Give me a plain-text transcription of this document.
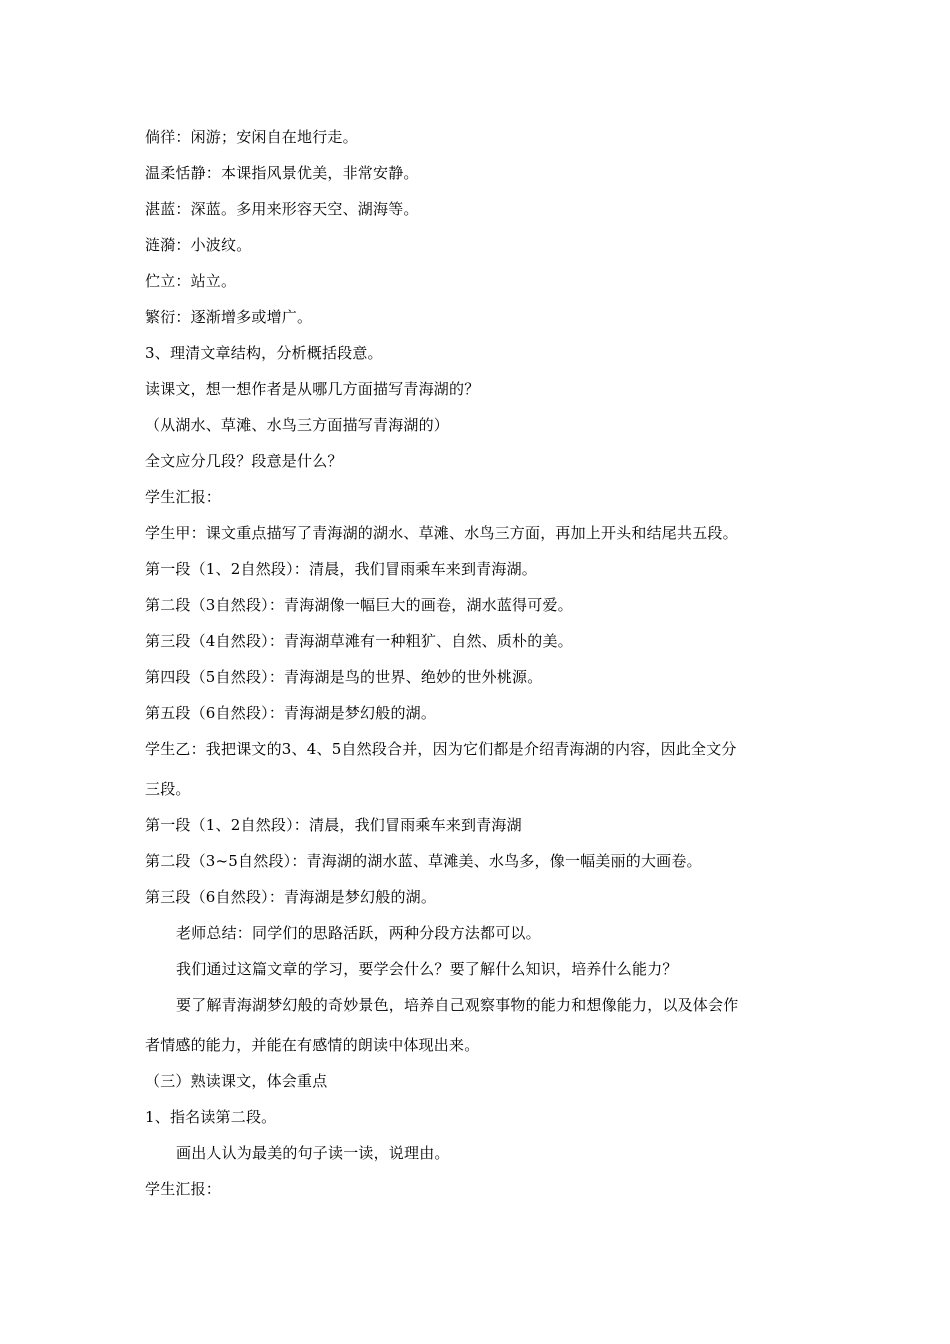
倘徉：闲游；安闲自在地行走。
温柔恬静：本课指风景优美，非常安静。
湛蓝：深蓝。多用来形容天空、湖海等。
涟漪：小波纹。
伫立：站立。
繁衍：逐渐增多或增广。
3、理清文章结构，分析概括段意。
读课文，想一想作者是从哪几方面描写青海湖的？
（从湖水、草滩、水鸟三方面描写青海湖的）
全文应分几段？段意是什么？
学生汇报：
学生甲：课文重点描写了青海湖的湖水、草滩、水鸟三方面，再加上开头和结尾共五段。
第一段（1、2自然段）：清晨，我们冒雨乘车来到青海湖。
第二段（3自然段）：青海湖像一幅巨大的画卷，湖水蓝得可爱。
第三段（4自然段）：青海湖草滩有一种粗犷、自然、质朴的美。
第四段（5自然段）：青海湖是鸟的世界、绝妙的世外桃源。
第五段（6自然段）：青海湖是梦幻般的湖。
学生乙：我把课文的3、4、5自然段合并，因为它们都是介绍青海湖的内容，因此全文分
三段。
第一段（1、2自然段）：清晨，我们冒雨乘车来到青海湖
第二段（3~5自然段）：青海湖的湖水蓝、草滩美、水鸟多，像一幅美丽的大画卷。
第三段（6自然段）：青海湖是梦幻般的湖。
老师总结：同学们的思路活跃，两种分段方法都可以。
我们通过这篇文章的学习，要学会什么？要了解什么知识，培养什么能力？
要了解青海湖梦幻般的奇妙景色，培养自己观察事物的能力和想像能力，以及体会作
者情感的能力，并能在有感情的朗读中体现出来。
（三）熟读课文，体会重点
1、指名读第二段。
画出人认为最美的句子读一读，说理由。
学生汇报：
